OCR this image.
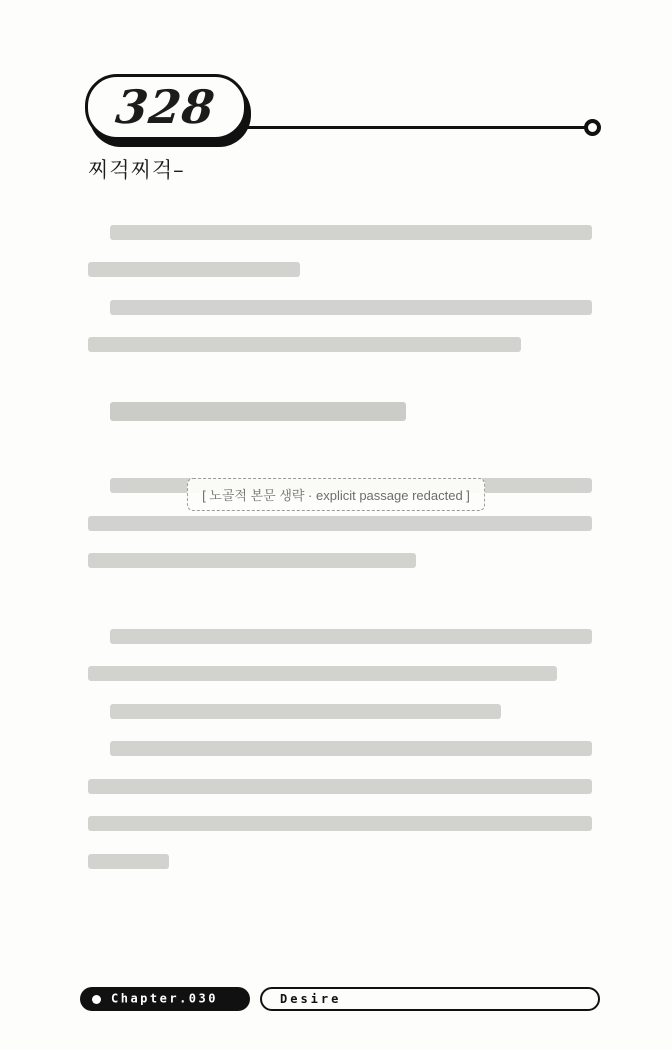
328
찌걱찌걱–
[ 노골적 본문 생략 · explicit passage redacted ]
Chapter.030	Desire
